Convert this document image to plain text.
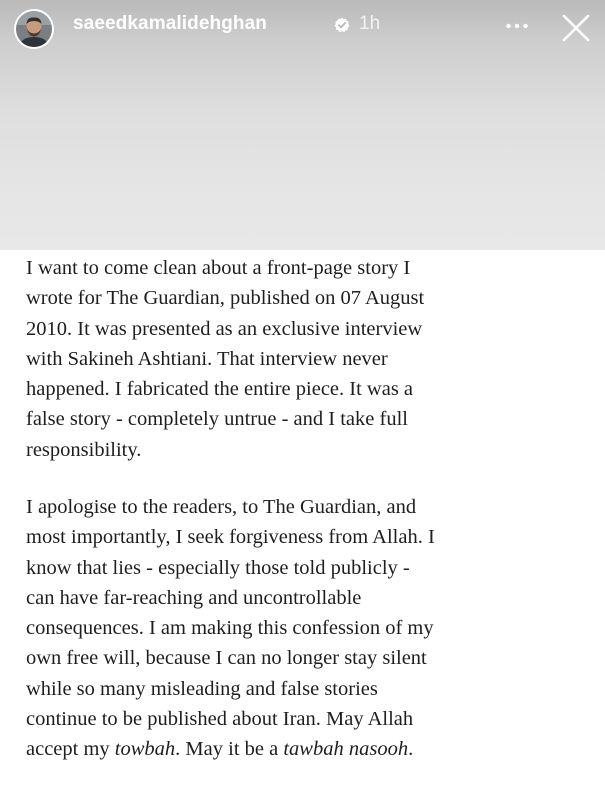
saeedkamalidehghan	1h

I want to come clean about a front-page story I
wrote for The Guardian, published on 07 August
2010. It was presented as an exclusive interview
with Sakineh Ashtiani. That interview never
happened. I fabricated the entire piece. It was a
false story - completely untrue - and I take full
responsibility.

I apologise to the readers, to The Guardian, and
most importantly, I seek forgiveness from Allah. I
know that lies - especially those told publicly -
can have far-reaching and uncontrollable
consequences. I am making this confession of my
own free will, because I can no longer stay silent
while so many misleading and false stories
continue to be published about Iran. May Allah
accept my towbah. May it be a tawbah nasooh.
